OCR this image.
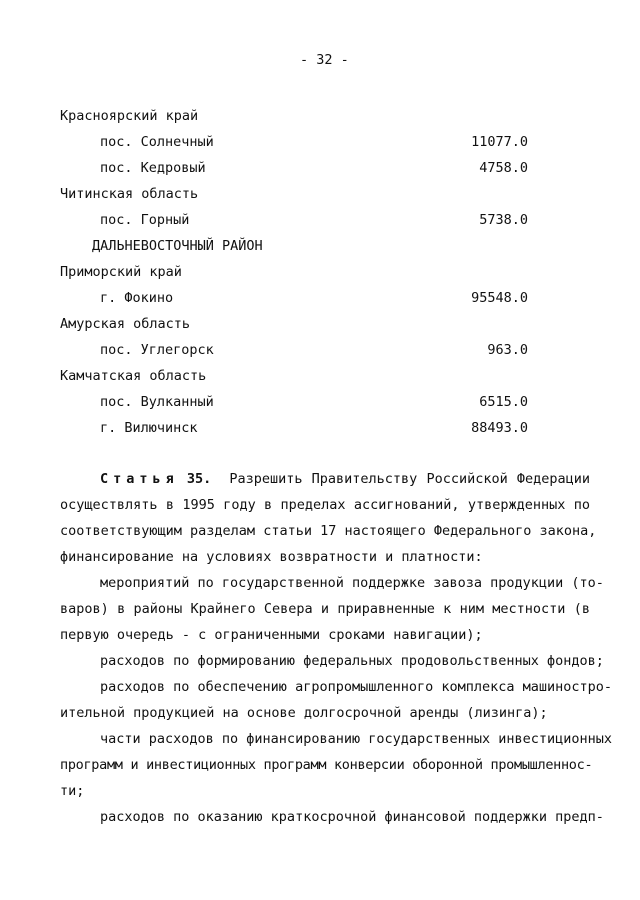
- 32 -
Красноярский край
пос. Солнечный	11077.0
пос. Кедровый	4758.0
Читинская область
пос. Горный	5738.0
ДАЛЬНЕВОСТОЧНЫЙ РАЙОН
Приморский край
г. Фокино	95548.0
Амурская область
пос. Углегорск	963.0
Камчатская область
пос. Вулканный	6515.0
г. Вилючинск	88493.0
Статья 35. Разрешить Правительству Российской Федерации
осуществлять в 1995 году в пределах ассигнований, утвержденных по
соответствующим разделам статьи 17 настоящего Федерального закона,
финансирование на условиях возвратности и платности:
мероприятий по государственной поддержке завоза продукции (то-
варов) в районы Крайнего Севера и приравненные к ним местности (в
первую очередь - с ограниченными сроками навигации);
расходов по формированию федеральных продовольственных фондов;
расходов по обеспечению агропромышленного комплекса машиностро-
ительной продукцией на основе долгосрочной аренды (лизинга);
части расходов по финансированию государственных инвестиционных
программ и инвестиционных программ конверсии оборонной промышленнос-
ти;
расходов по оказанию краткосрочной финансовой поддержки предп-
